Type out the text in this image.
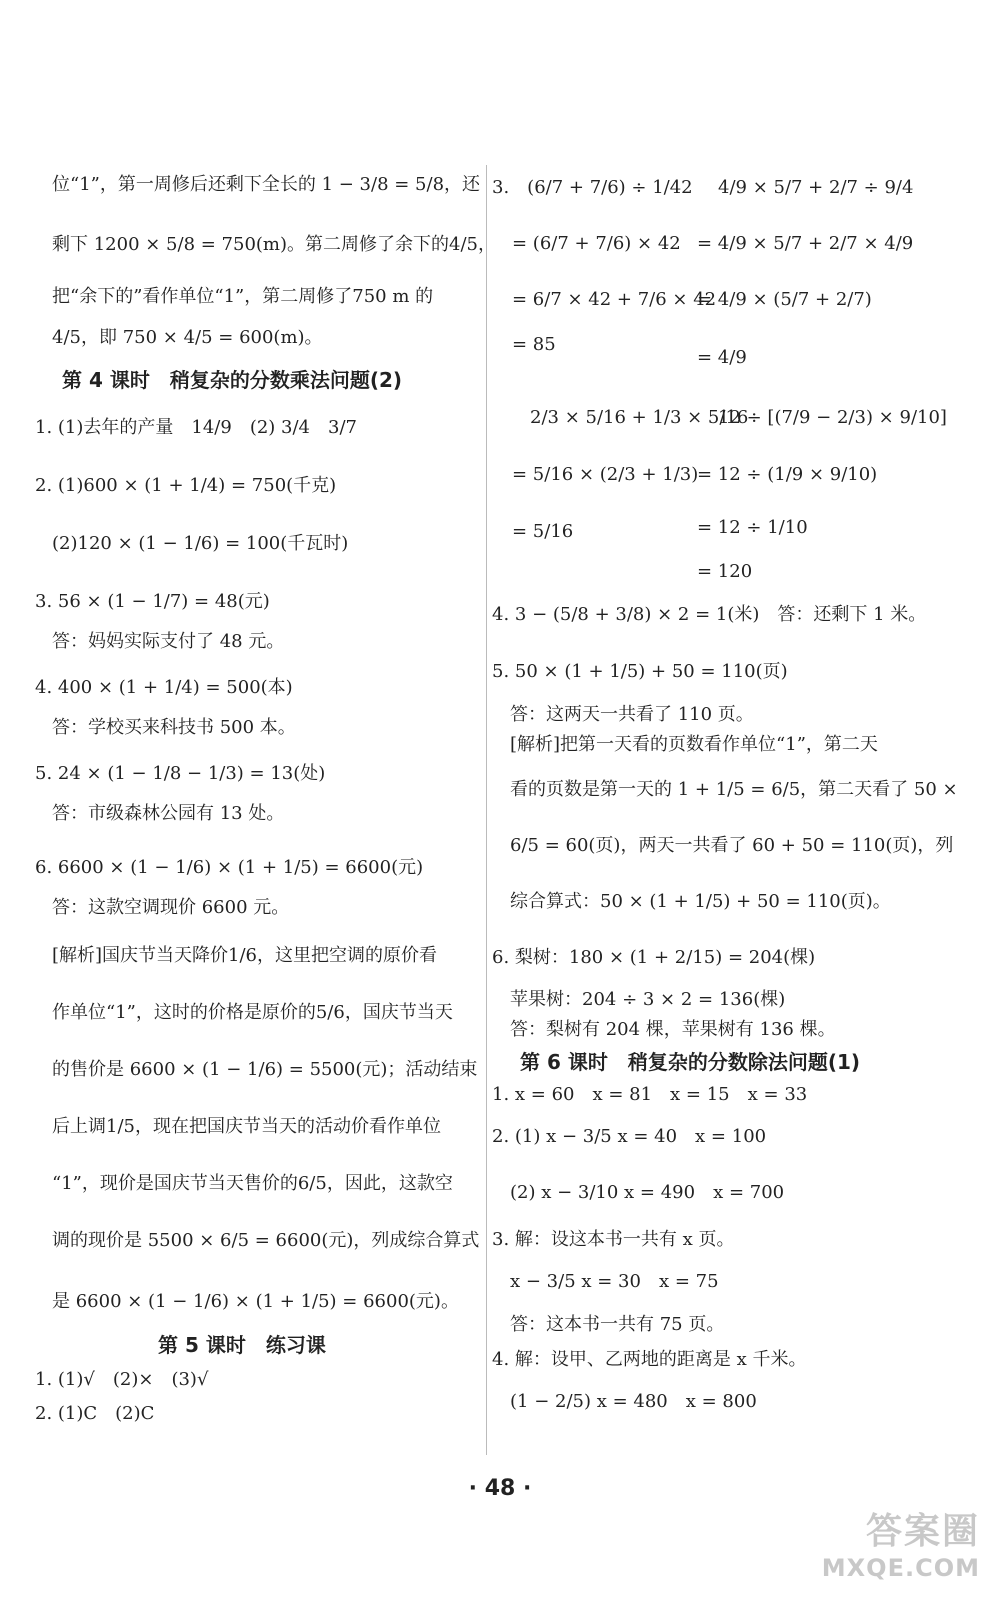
位“1”，第一周修后还剩下全长的 1 − 3/8 = 5/8，还
剩下 1200 × 5/8 = 750(m)。第二周修了余下的4/5，
把“余下的”看作单位“1”，第二周修了750 m 的
4/5，即 750 × 4/5 = 600(m)。
1. (1)去年的产量　14/9　(2) 3/4　3/7
2. (1)600 × (1 + 1/4) = 750(千克)
(2)120 × (1 − 1/6) = 100(千瓦时)
3. 56 × (1 − 1/7) = 48(元)
答：妈妈实际支付了 48 元。
4. 400 × (1 + 1/4) = 500(本)
答：学校买来科技书 500 本。
5. 24 × (1 − 1/8 − 1/3) = 13(处)
答：市级森林公园有 13 处。
6. 6600 × (1 − 1/6) × (1 + 1/5) = 6600(元)
答：这款空调现价 6600 元。
[解析]国庆节当天降价1/6，这里把空调的原价看
作单位“1”，这时的价格是原价的5/6，国庆节当天
的售价是 6600 × (1 − 1/6) = 5500(元)；活动结束
后上调1/5，现在把国庆节当天的活动价看作单位
“1”，现价是国庆节当天售价的6/5，因此，这款空
调的现价是 5500 × 6/5 = 6600(元)，列成综合算式
是 6600 × (1 − 1/6) × (1 + 1/5) = 6600(元)。
1. (1)√　(2)×　(3)√
2. (1)C　(2)C
3.　(6/7 + 7/6) ÷ 1/42 4/9 × 5/7 + 2/7 ÷ 9/4
= (6/7 + 7/6) × 42 = 4/9 × 5/7 + 2/7 × 4/9
= 6/7 × 42 + 7/6 × 42
= 4/9 × (5/7 + 2/7)
= 85
= 4/9
2/3 × 5/16 + 1/3 × 5/16
12 ÷ [(7/9 − 2/3) × 9/10]
= 5/16 × (2/3 + 1/3)
= 12 ÷ (1/9 × 9/10)
= 5/16	= 12 ÷ 1/10
= 120
4. 3 − (5/8 + 3/8) × 2 = 1(米)　答：还剩下 1 米。
5. 50 × (1 + 1/5) + 50 = 110(页)
答：这两天一共看了 110 页。
[解析]把第一天看的页数看作单位“1”，第二天
看的页数是第一天的 1 + 1/5 = 6/5，第二天看了 50 ×
6/5 = 60(页)，两天一共看了 60 + 50 = 110(页)，列
综合算式：50 × (1 + 1/5) + 50 = 110(页)。
6. 梨树：180 × (1 + 2/15) = 204(棵)
苹果树：204 ÷ 3 × 2 = 136(棵)
答：梨树有 204 棵，苹果树有 136 棵。
1. x = 60　x = 81　x = 15　x = 33
2. (1) x − 3/5 x = 40　x = 100
(2) x − 3/10 x = 490　x = 700
3. 解：设这本书一共有 x 页。
x − 3/5 x = 30　x = 75
答：这本书一共有 75 页。
4. 解：设甲、乙两地的距离是 x 千米。
(1 − 2/5) x = 480　x = 800
第 4 课时　稍复杂的分数乘法问题(2)
第 5 课时　练习课
第 6 课时　稍复杂的分数除法问题(1)
· 48 ·
答案圈
MXQE.COM
